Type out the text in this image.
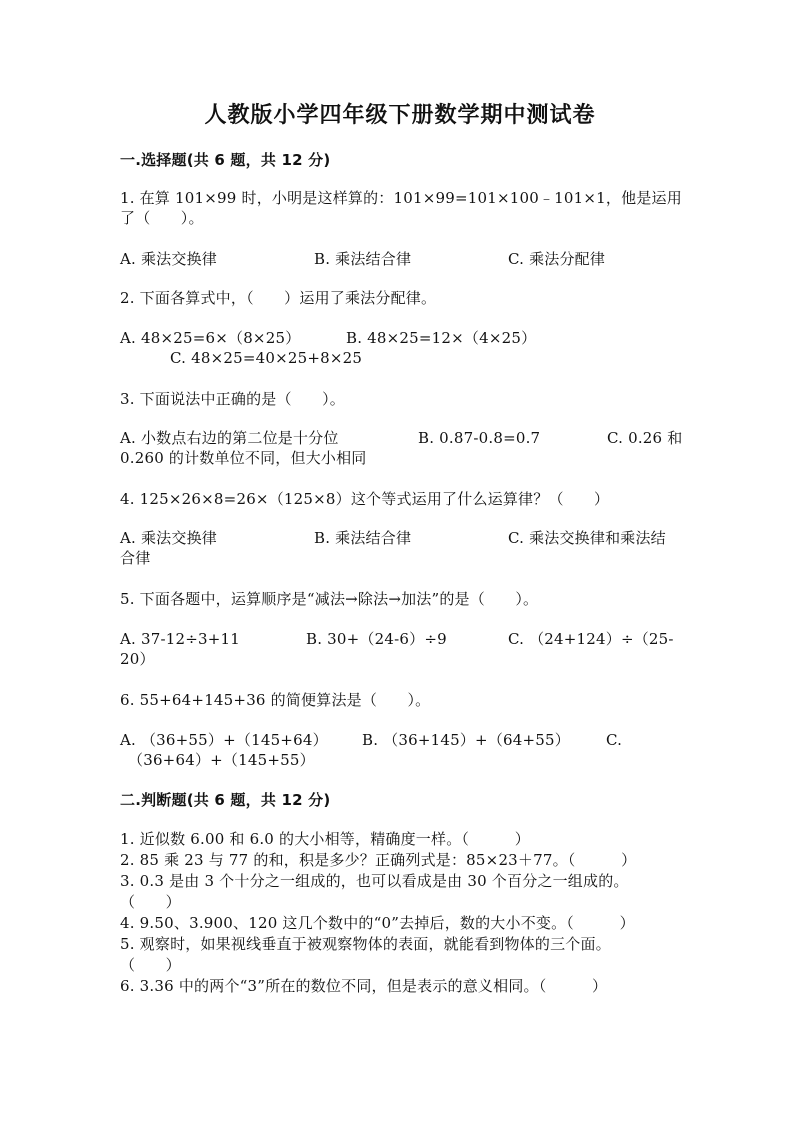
人教版小学四年级下册数学期中测试卷
一.选择题(共 6 题，共 12 分)
1. 在算 101×99 时，小明是这样算的：101×99=101×100﹣101×1，他是运用
了（　　）。
A. 乘法交换律	B. 乘法结合律	C. 乘法分配律
2. 下面各算式中，（　　）运用了乘法分配律。
A. 48×25=6×（8×25）	B. 48×25=12×（4×25）
C. 48×25=40×25+8×25
3. 下面说法中正确的是（　　）。
A. 小数点右边的第二位是十分位	B. 0.87-0.8=0.7	C. 0.26 和
0.260 的计数单位不同，但大小相同
4. 125×26×8=26×（125×8）这个等式运用了什么运算律？（　　）
A. 乘法交换律	B. 乘法结合律	C. 乘法交换律和乘法结
合律
5. 下面各题中，运算顺序是“减法→除法→加法”的是（　　）。
A. 37-12÷3+11	B. 30+（24-6）÷9	C. （24+124）÷（25-
20）
6. 55+64+145+36 的简便算法是（　　）。
A. （36+55）+（145+64） B. （36+145）+（64+55） C.
（36+64）+（145+55）
二.判断题(共 6 题，共 12 分)
1. 近似数 6.00 和 6.0 的大小相等，精确度一样。（　　　）
2. 85 乘 23 与 77 的和，积是多少？正确列式是：85×23＋77。（　　　）
3. 0.3 是由 3 个十分之一组成的，也可以看成是由 30 个百分之一组成的。
（　　）
4. 9.50、3.900、120 这几个数中的“0”去掉后，数的大小不变。（　　　）
5. 观察时，如果视线垂直于被观察物体的表面，就能看到物体的三个面。
（　　）
6. 3.36 中的两个“3”所在的数位不同，但是表示的意义相同。（　　　）
